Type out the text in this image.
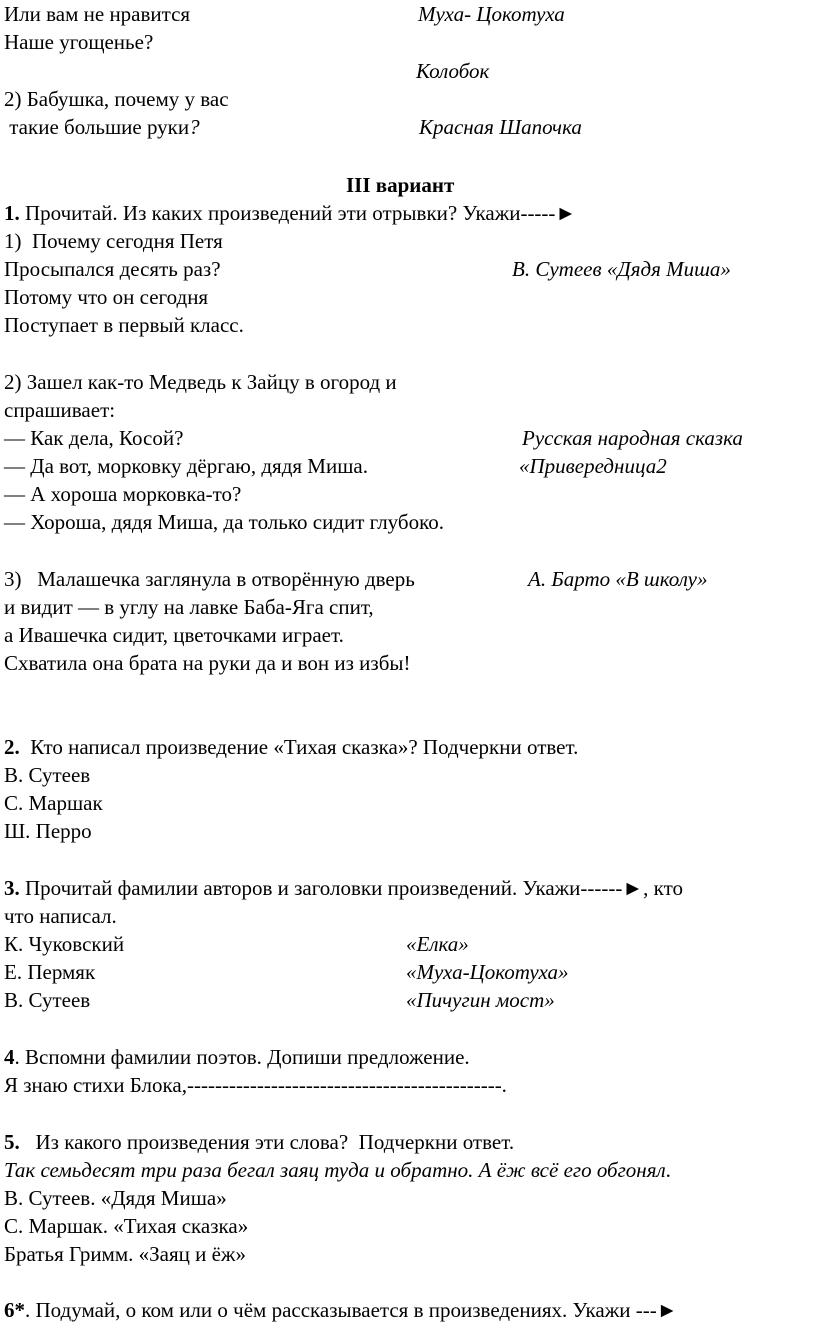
Или вам не нравится	Муха- Цокотуха
Наше угощенье?
Колобок
2) Бабушка, почему у вас
такие большие руки?	Красная Шапочка
III вариант
1. Прочитай. Из каких произведений эти отрывки? Укажи-----►
1)  Почему сегодня Петя
Просыпался десять раз?	В. Сутеев «Дядя Миша»
Потому что он сегодня
Поступает в первый класс.
2) Зашел как-то Медведь к Зайцу в огород и
спрашивает:
— Как дела, Косой?	Русская народная сказка
— Да вот, морковку дёргаю, дядя Миша.	«Привередница2
— А хороша морковка-то?
— Хороша, дядя Миша, да только сидит глубоко.
3)   Малашечка заглянула в отворённую дверь	А. Барто «В школу»
и видит — в углу на лавке Баба-Яга спит,
а Ивашечка сидит, цветочками играет.
Схватила она брата на руки да и вон из избы!
2.  Кто написал произведение «Тихая сказка»? Подчеркни ответ.
В. Сутеев
С. Маршак
Ш. Перро
3. Прочитай фамилии авторов и заголовки произведений. Укажи------►, кто
что написал.
К. Чуковский	«Елка»
Е. Пермяк	«Муха-Цокотуха»
В. Сутеев	«Пичугин мост»
4. Вспомни фамилии поэтов. Допиши предложение.
Я знаю стихи Блока,---------------------------------------------.
5.   Из какого произведения эти слова?  Подчеркни ответ.
Так семьдесят три раза бегал заяц туда и обратно. А ёж всё его обгонял.
В. Сутеев. «Дядя Миша»
С. Маршак. «Тихая сказка»
Братья Гримм. «Заяц и ёж»
6*. Подумай, о ком или о чём рассказывается в произведениях. Укажи ---►
